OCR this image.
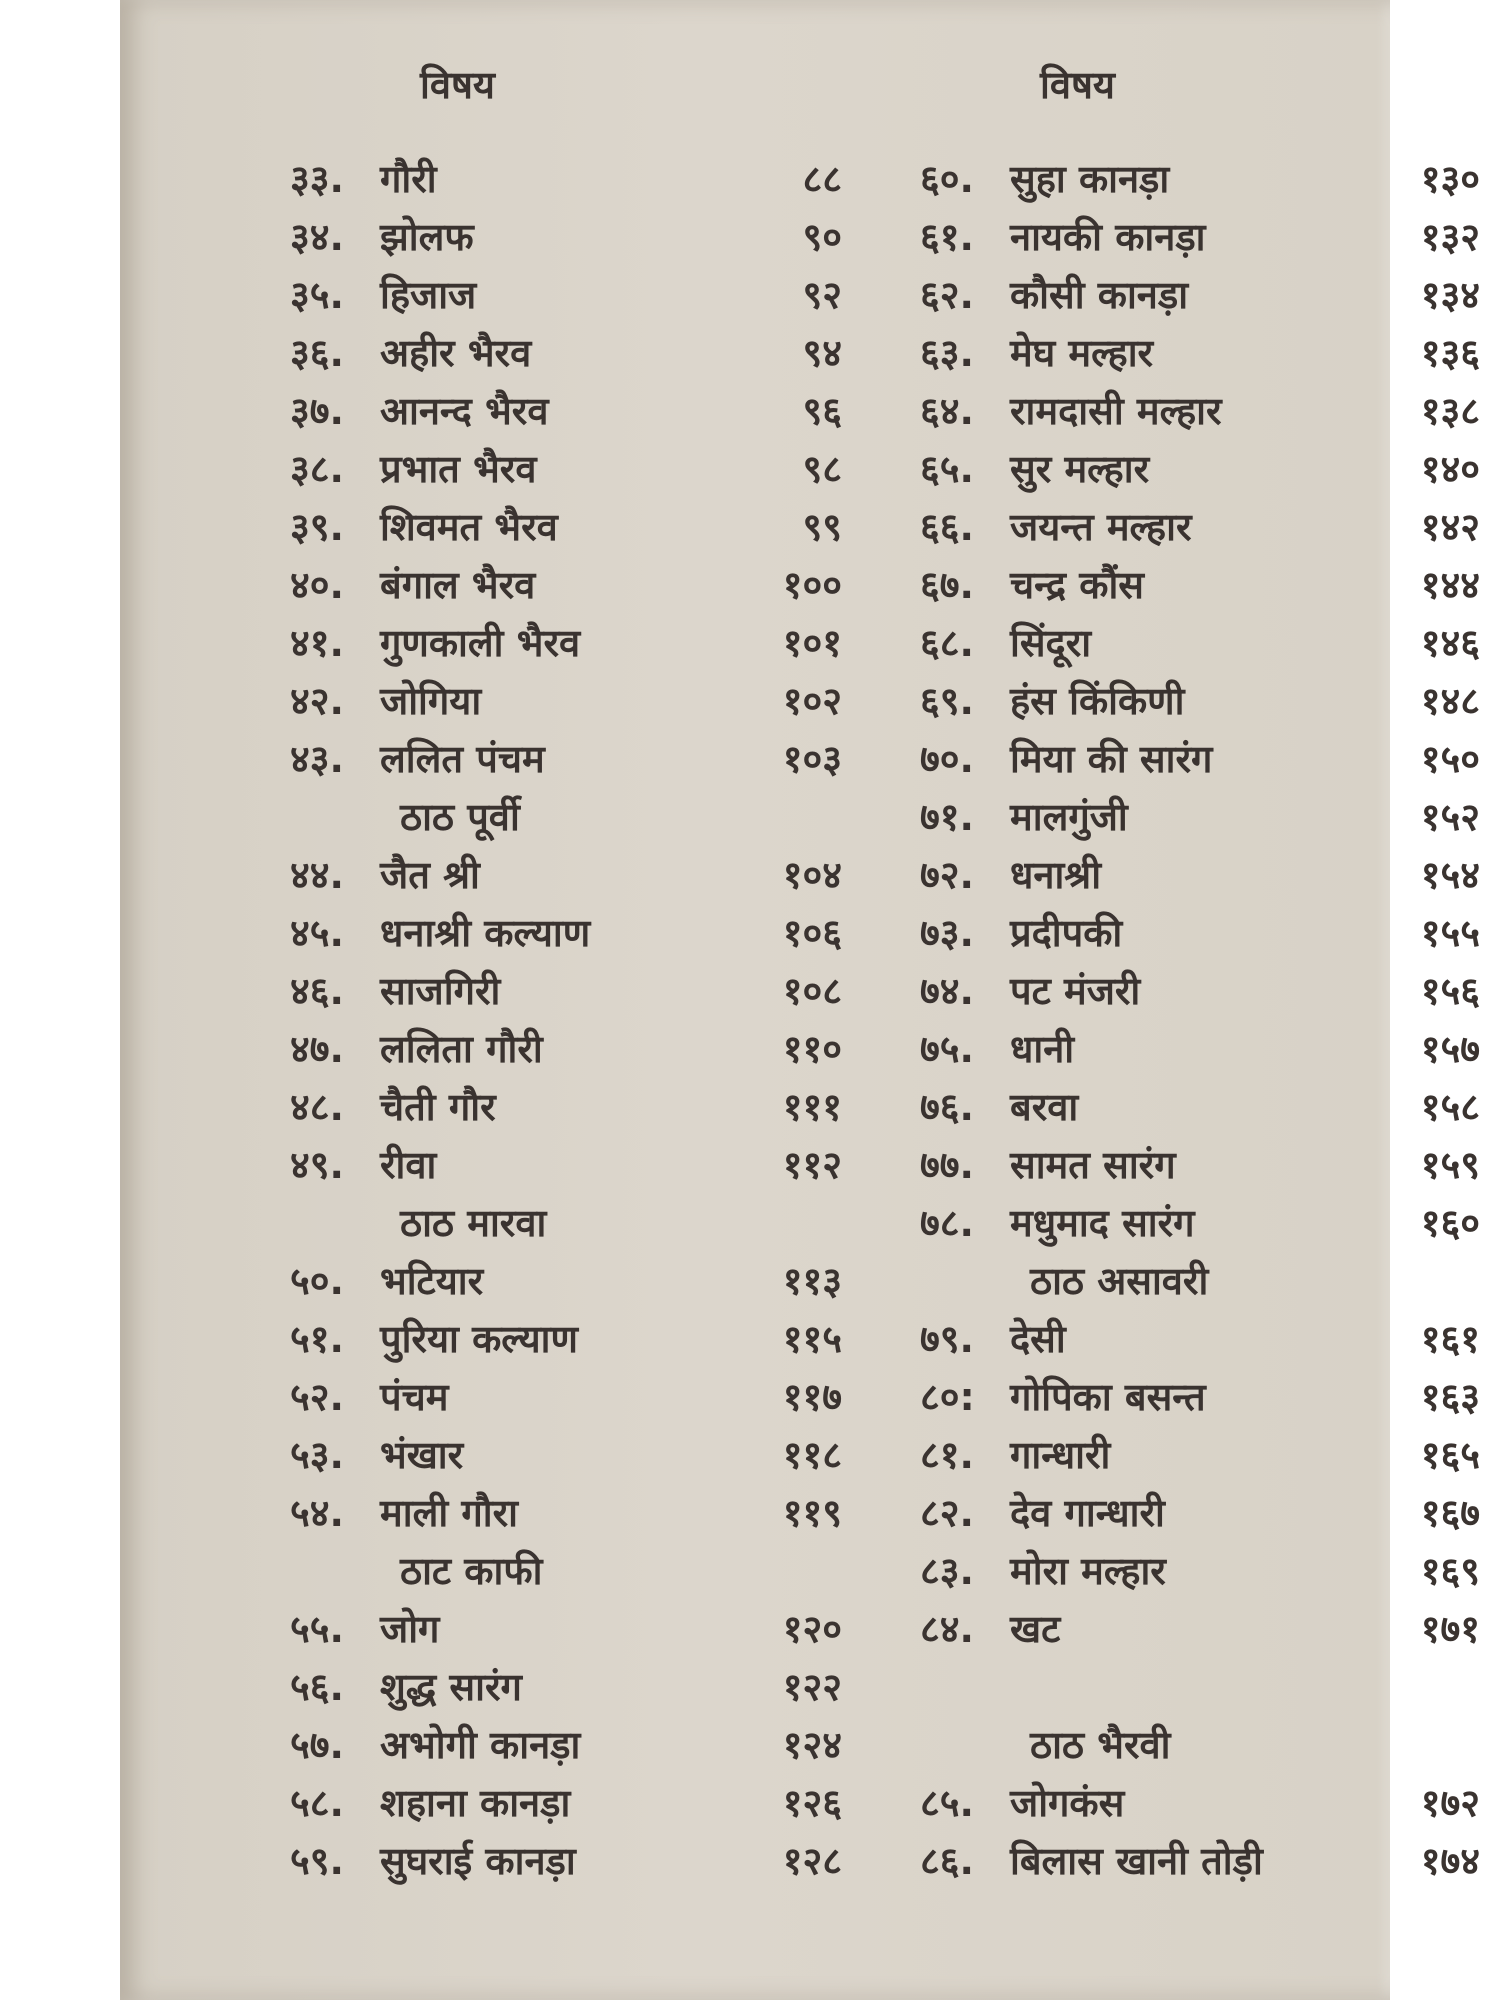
विषय
३३. गौरी	८८
३४. झोलफ	९०
३५. हिजाज	९२
३६. अहीर भैरव	९४
३७. आनन्द भैरव	९६
३८. प्रभात भैरव	९८
३९. शिवमत भैरव	९९
४०. बंगाल भैरव	१००
४१. गुणकाली भैरव	१०१
४२. जोगिया	१०२
४३. ललित पंचम	१०३
ठाठ पूर्वी
४४. जैत श्री	१०४
४५. धनाश्री कल्याण	१०६
४६. साजगिरी	१०८
४७. ललिता गौरी	११०
४८. चैती गौर	१११
४९. रीवा	११२
ठाठ मारवा
५०. भटियार	११३
५१. पुरिया कल्याण	११५
५२. पंचम	११७
५३. भंखार	११८
५४. माली गौरा	११९
ठाट काफी
५५. जोग	१२०
५६. शुद्ध सारंग	१२२
५७. अभोगी कानड़ा	१२४
५८. शहाना कानड़ा	१२६
५९. सुघराई कानड़ा	१२८
विषय
६०. सुहा कानड़ा	१३०
६१. नायकी कानड़ा	१३२
६२. कौसी कानड़ा	१३४
६३. मेघ मल्हार	१३६
६४. रामदासी मल्हार	१३८
६५. सुर मल्हार	१४०
६६. जयन्त मल्हार	१४२
६७. चन्द्र कौंस	१४४
६८. सिंदूरा	१४६
६९. हंस किंकिणी	१४८
७०. मिया की सारंग	१५०
७१. मालगुंजी	१५२
७२. धनाश्री	१५४
७३. प्रदीपकी	१५५
७४. पट मंजरी	१५६
७५. धानी	१५७
७६. बरवा	१५८
७७. सामत सारंग	१५९
७८. मधुमाद सारंग	१६०
ठाठ असावरी
७९. देसी	१६१
८०: गोपिका बसन्त	१६३
८१. गान्धारी	१६५
८२. देव गान्धारी	१६७
८३. मोरा मल्हार	१६९
८४. खट	१७१
ठाठ भैरवी
८५. जोगकंस	१७२
८६. बिलास खानी तोड़ी	१७४
